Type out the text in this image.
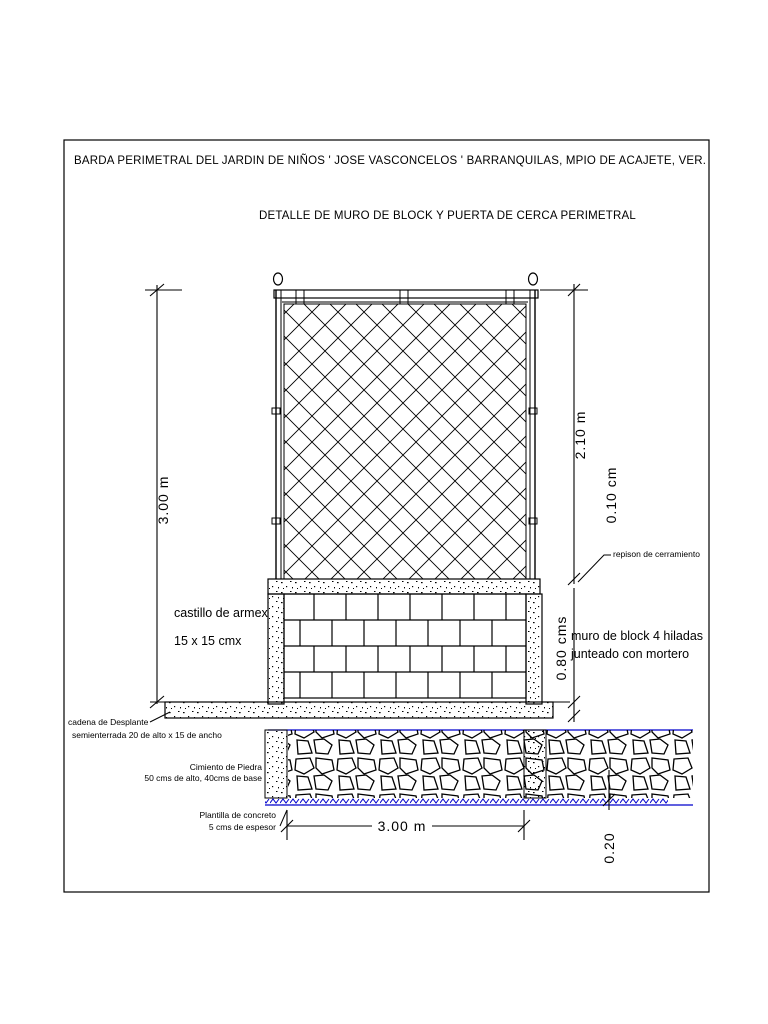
BARDA PERIMETRAL DEL JARDIN DE NIÑOS ' JOSE VASCONCELOS ' BARRANQUILAS, MPIO DE ACAJETE, VER.
DETALLE DE MURO DE BLOCK Y PUERTA DE CERCA PERIMETRAL
3.00 m
2.10 m
0.10 cm
0.80 cms
0.20
3.00 m
castillo de armex
15 x 15 cmx
repison de cerramiento
muro de block 4 hiladas
junteado con mortero
cadena de Desplante
semienterrada 20 de alto x 15 de ancho
Cimiento de Piedra
50 cms de alto, 40cms de base
Plantilla de concreto
5 cms de espesor
